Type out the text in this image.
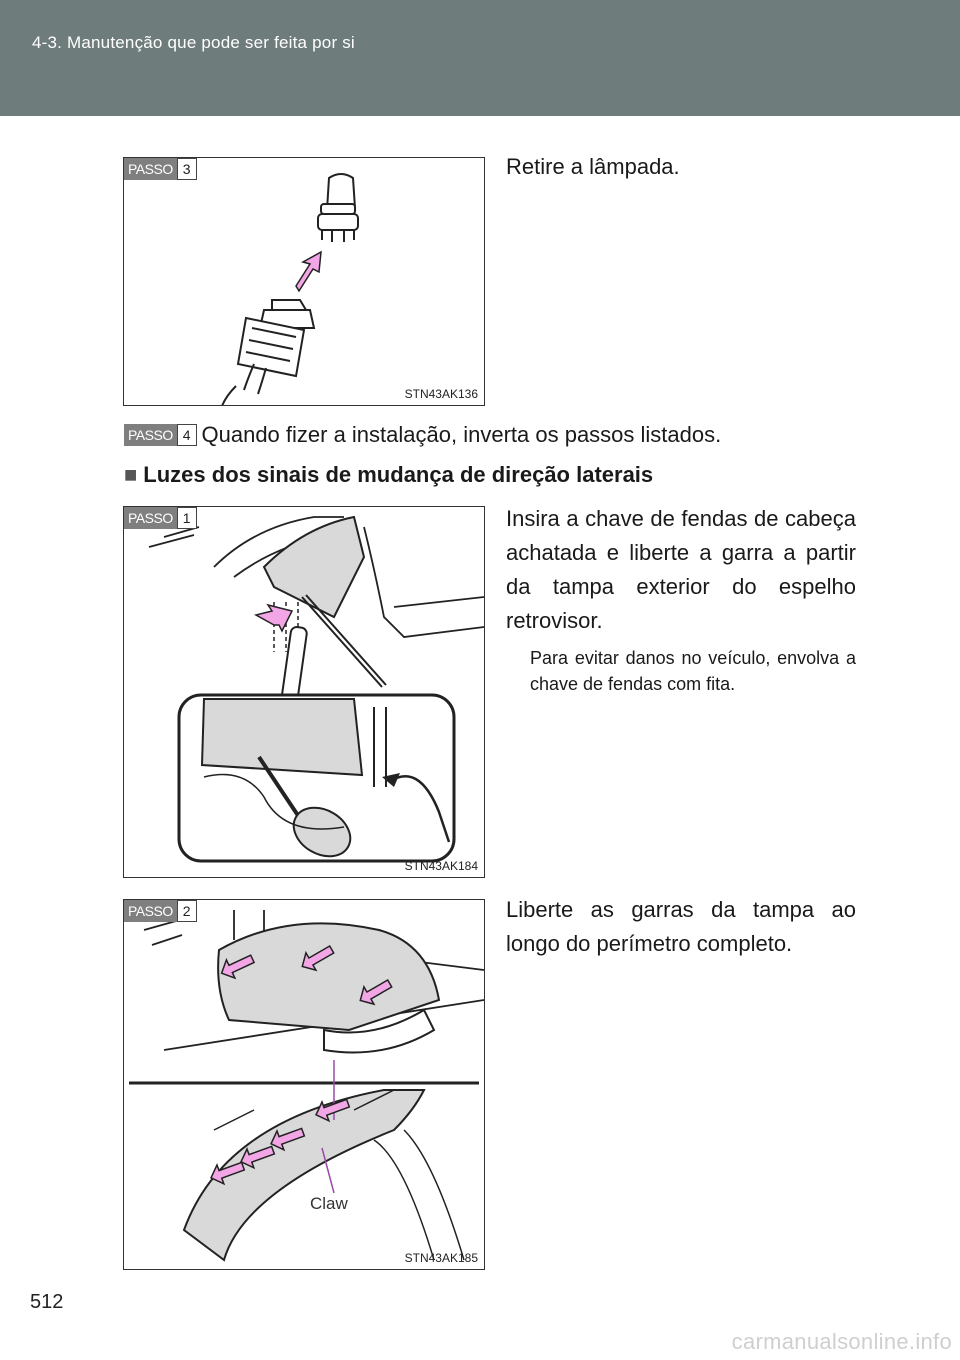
4-3. Manutenção que pode ser feita por si
PASSO 3
STN43AK136
Retire a lâmpada.
PASSO 4 Quando fizer a instalação, inverta os passos listados.
■ Luzes dos sinais de mudança de direção laterais
PASSO 1
STN43AK184
Insira a chave de fendas de cabeça achatada e liberte a garra a partir da tampa exterior do espelho retrovisor.
Para evitar danos no veículo, envolva a chave de fendas com fita.
PASSO 2
Claw
STN43AK185
Liberte as garras da tampa ao longo do perímetro completo.
512
carmanualsonline.info
